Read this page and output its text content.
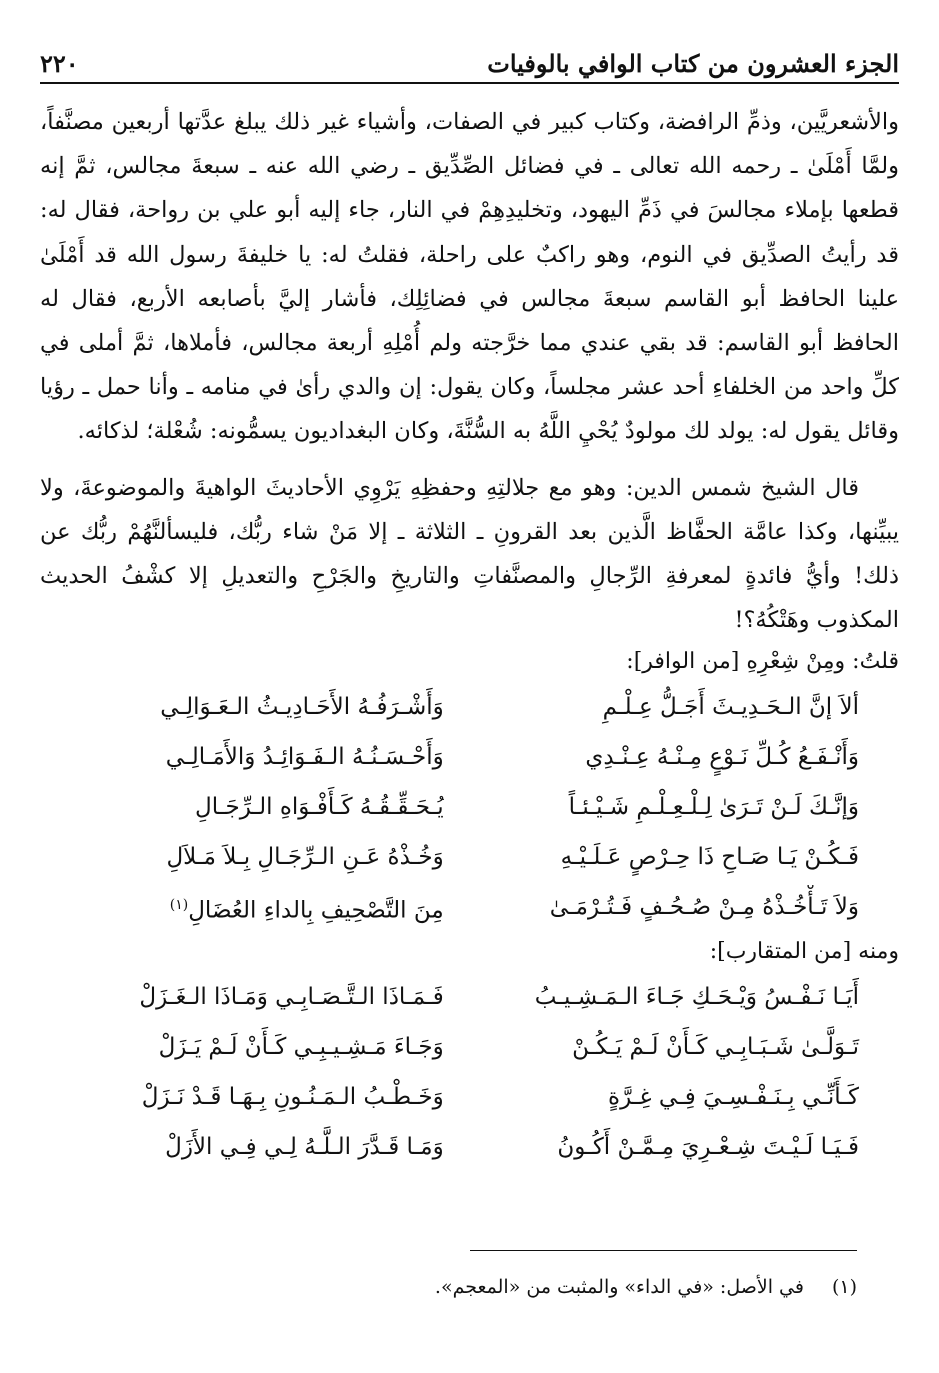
الجزء العشرون من كتاب الوافي بالوفيات
٢٢٠

والأشعريَّين، وذمِّ الرافضة، وكتاب كبير في الصفات، وأشياء غير ذلك يبلغ عدَّتها أربعين مصنَّفاً، ولمَّا أَمْلَىٰ ـ رحمه الله تعالى ـ في فضائل الصِّدِّيق ـ رضي الله عنه ـ سبعةَ مجالس، ثمَّ إنه قطعها بإملاء مجالسَ في ذَمِّ اليهود، وتخليدِهِمْ في النار، جاء إليه أبو علي بن رواحة، فقال له: قد رأيتُ الصدِّيق في النوم، وهو راكبٌ على راحلة، فقلتُ له: يا خليفةَ رسول الله قد أَمْلَىٰ علينا الحافظ أبو القاسم سبعةَ مجالس في فضائِلِك، فأشار إليَّ بأصابعه الأربع، فقال له الحافظ أبو القاسم: قد بقي عندي مما خرَّجته ولم أُمْلِهِ أربعة مجالس، فأملاها، ثمَّ أملى في كلِّ واحد من الخلفاءِ أحد عشر مجلساً، وكان يقول: إن والدي رأىٰ في منامه ـ وأنا حمل ـ رؤيا وقائل يقول له: يولد لك مولودٌ يُحْيِ اللَّهُ به السُّنَّةَ، وكان البغداديون يسمُّونه: شُعْلة؛ لذكائه.

قال الشيخ شمس الدين: وهو مع جلالتِهِ وحفظِهِ يَرْوِي الأحاديثَ الواهيةَ والموضوعةَ، ولا يبيِّنها، وكذا عامَّة الحفَّاظ الَّذين بعد القرونِ ـ الثلاثة ـ إلا مَنْ شاء ربُّك، فليسألنَّهُمْ ربُّك عن ذلك! وأيُّ فائدةٍ لمعرفةِ الرِّجالِ والمصنَّفاتِ والتاريخِ والجَرْحِ والتعديلِ إلا كشْفُ الحديث المكذوب وهَتْكُهُ؟!

قلتُ: ومِنْ شِعْرِهِ [من الوافر]:

ألاَ إنَّ الـحَـدِيـثَ أَجَـلُّ عِـلْـمِ
وَأَشْـرَفُـهُ الأَحَـادِيـثُ الـعَـوَالِـي
وَأَنْـفَـعُ كُـلِّ نَـوْعٍ مِـنْـهُ عِـنْـدِي
وَأَحْـسَـنُـهُ الـفَـوَائِـدُ وَالأَمَـالِـي
وَإنَّـكَ لَـنْ تَـرَىٰ لِـلْـعِـلْـمِ شَـيْـئـاً
يُـحَـقِّـقُـهُ كَـأَفْـوَاهِ الـرِّجَـالِ
فَـكُـنْ يَـا صَـاحِ ذَا حِـرْصٍ عَـلَـيْـهِ
وَخُـذْهُ عَـنِ الـرِّجَـالِ بِـلاَ مَـلاَلِ
وَلاَ تَـأْخُـذْهُ مِـنْ صُـحُـفٍ فَـتُـرْمَـىٰ
مِنَ التَّصْحِيفِ بِالداءِ العُضَالِ$^{(١)}$

ومنه [من المتقارب]:

أَيَـا نَـفْـسُ وَيْـحَـكِ جَـاءَ الـمَـشِـيـبُ
فَـمَـاذَا الـتَّـصَـابِـي وَمَـاذَا الـغَـزَلْ
تَـوَلَّـىٰ شَـبَـابِـي كَـأَنْ لَـمْ يَـكُـنْ
وَجَـاءَ مَـشِـيـبِـي كَـأَنْ لَـمْ يَـزَلْ
كَـأَنِّـي بِـنَـفْـسِـيَ فِـي غِـرَّةٍ
وَخَـطْـبُ الـمَـنُـونِ بِـهَـا قَـدْ نَـزَلْ
فَـيَـا لَـيْـتَ شِـعْـرِيَ مِـمَّـنْ أَكُـونُ
وَمَـا قَـدَّرَ الـلَّـهُ لِـي فِـي الأَزَلْ
(١)
في الأصل: «في الداء» والمثبت من «المعجم».
